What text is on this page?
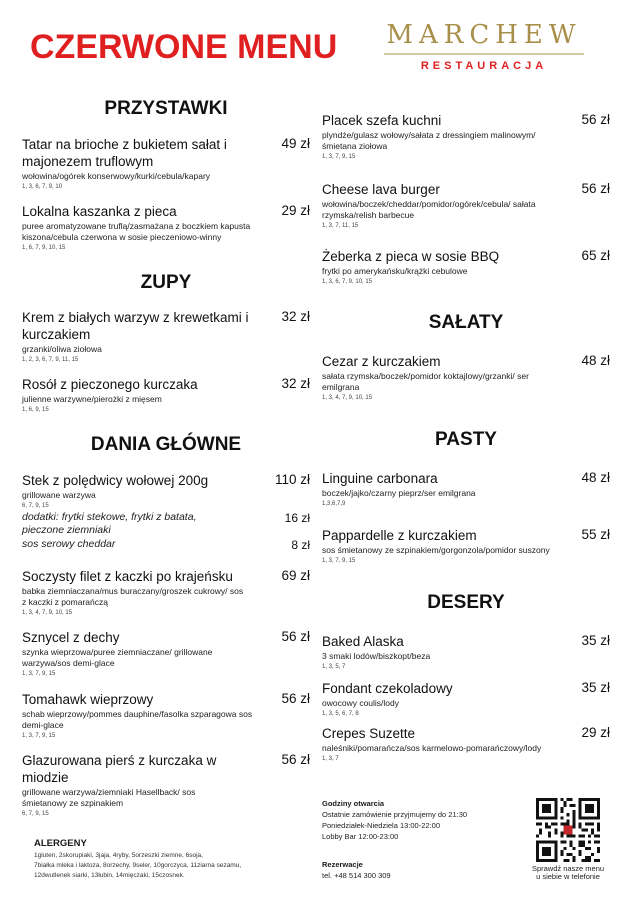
CZERWONE MENU	MARCHEW
RESTAURACJA
PRZYSTAWKI
Tatar na brioche z bukietem sałat i majonezem truflowym
49 zł
wołowina/ogórek konserwowy/kurki/cebula/kapary
1, 3, 6, 7, 9, 10
Lokalna kaszanka z pieca	29 zł
puree aromatyzowane truflą/zasmażana z boczkiem kapusta kiszona/cebula czerwona w sosie pieczeniowo-winny
1, 6, 7, 9, 10, 15
ZUPY
Krem z białych warzyw z krewetkami i kurczakiem
32 zł
grzanki/oliwa ziołowa
1, 2, 3, 6, 7, 9, 11, 15
Rosół z pieczonego kurczaka	32 zł
julienne warzywne/pierożki z mięsem
1, 6, 9, 15
DANIA GŁÓWNE
Stek z polędwicy wołowej 200g	110 zł
grillowane warzywa
6, 7, 9, 15
dodatki: frytki stekowe, frytki z batata, pieczone ziemniaki
16 zł
sos serowy cheddar	8 zł
Soczysty filet z kaczki po krajeńsku	69 zł
babka ziemniaczana/mus buraczany/groszek cukrowy/ sos z kaczki z pomarańczą
1, 3, 4, 7, 9, 10, 15
Sznycel z dechy	56 zł
szynka wieprzowa/puree ziemniaczane/ grillowane warzywa/sos demi-glace
1, 3, 7, 9, 15
Tomahawk wieprzowy	56 zł
schab wieprzowy/pommes dauphine/fasolka szparagowa sos demi-glace
1, 3, 7, 9, 15
Glazurowana pierś z kurczaka w miodzie
56 zł
grillowane warzywa/ziemniaki Hasellback/ sos śmietanowy ze szpinakiem
6, 7, 9, 15
ALERGENY
1gluten, 2skorupiaki, 3jaja, 4ryby, 5orzeszki ziemne, 6soja,
7białka mleka i laktoza, 8orzechy, 9seler, 10gorczyca, 11ziarna sezamu,
12dwutlenek siarki, 13łubin, 14mięczaki, 15czosnek.
Placek szefa kuchni	56 zł
plyndże/gulasz wołowy/sałata z dressingiem malinowym/ śmietana ziołowa
1, 3, 7, 9, 15
Cheese lava burger	56 zł
wołowina/boczek/cheddar/pomidor/ogórek/cebula/ sałata rzymska/relish barbecue
1, 3, 7, 11, 15
Żeberka z pieca w sosie BBQ	65 zł
frytki po amerykańsku/krążki cebulowe
1, 3, 6, 7, 9, 10, 15
SAŁATY
Cezar z kurczakiem	48 zł
sałata rzymska/boczek/pomidor koktajlowy/grzanki/ ser emilgrana
1, 3, 4, 7, 9, 10, 15
PASTY
Linguine carbonara	48 zł
boczek/jajko/czarny pieprz/ser emilgrana
1,3,6,7,9
Pappardelle z kurczakiem	55 zł
sos śmietanowy ze szpinakiem/gorgonzola/pomidor suszony
1, 3, 7, 9, 15
DESERY
Baked Alaska	35 zł
3 smaki lodów/biszkopt/beza
1, 3, 5, 7
Fondant czekoladowy	35 zł
owocowy coulis/lody
1, 3, 5, 6, 7, 8
Crepes Suzette	29 zł
naleśniki/pomarańcza/sos karmelowo-pomarańczowy/lody
1, 3, 7
Godziny otwarcia
Ostatnie zamówienie przyjmujemy do 21:30
Poniedziałek-Niedziela 13:00-22:00
Lobby Bar 12:00-23:00
Rezerwacje
tel. +48 514 300 309
Sprawdź nasze menu
u siebie w telefonie
